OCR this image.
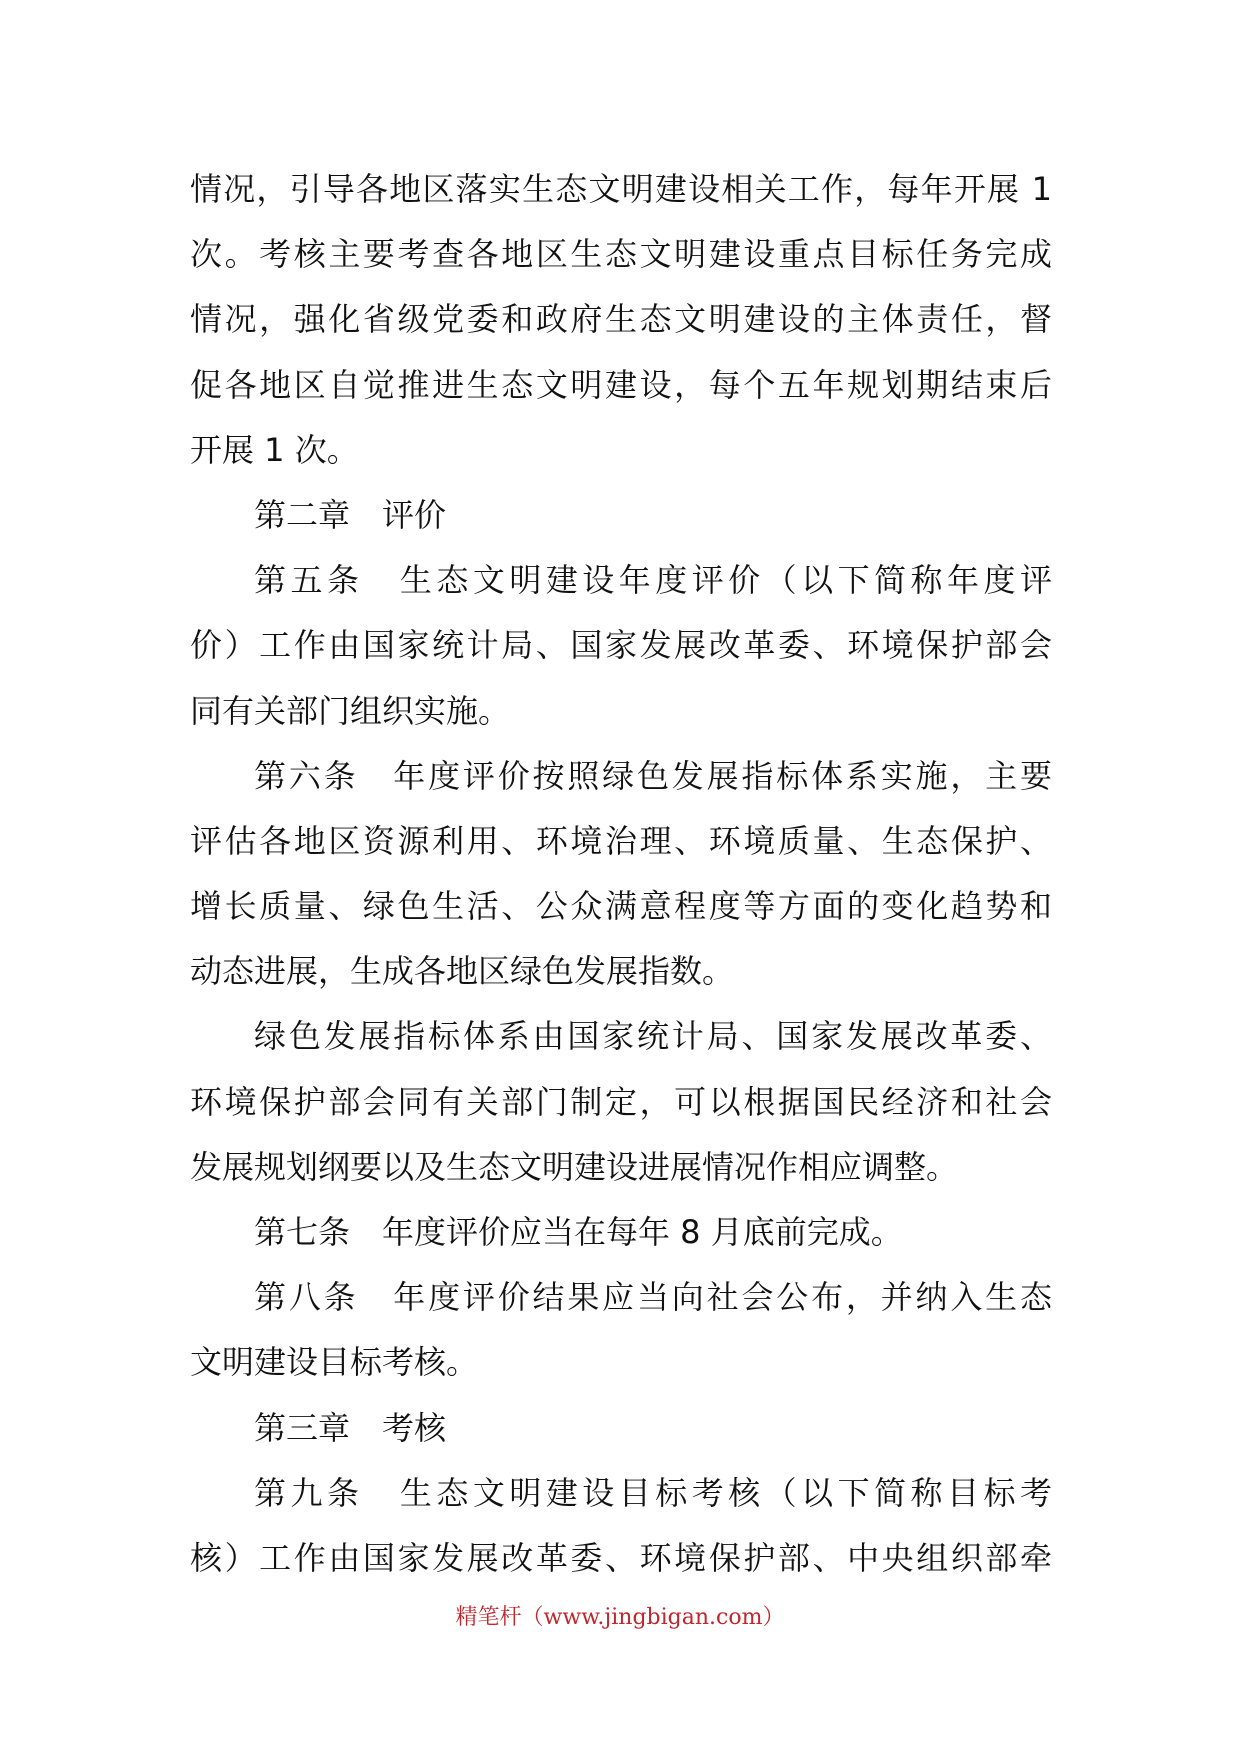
情况，引导各地区落实生态文明建设相关工作，每年开展 1
次。考核主要考查各地区生态文明建设重点目标任务完成
情况，强化省级党委和政府生态文明建设的主体责任，督
促各地区自觉推进生态文明建设，每个五年规划期结束后
开展 1 次。
第二章　评价
第五条　生态文明建设年度评价（以下简称年度评
价）工作由国家统计局、国家发展改革委、环境保护部会
同有关部门组织实施。
第六条　年度评价按照绿色发展指标体系实施，主要
评估各地区资源利用、环境治理、环境质量、生态保护、
增长质量、绿色生活、公众满意程度等方面的变化趋势和
动态进展，生成各地区绿色发展指数。
绿色发展指标体系由国家统计局、国家发展改革委、
环境保护部会同有关部门制定，可以根据国民经济和社会
发展规划纲要以及生态文明建设进展情况作相应调整。
第七条　年度评价应当在每年 8 月底前完成。
第八条　年度评价结果应当向社会公布，并纳入生态
文明建设目标考核。
第三章　考核
第九条　生态文明建设目标考核（以下简称目标考
核）工作由国家发展改革委、环境保护部、中央组织部牵
精笔杆（www.jingbigan.com）
